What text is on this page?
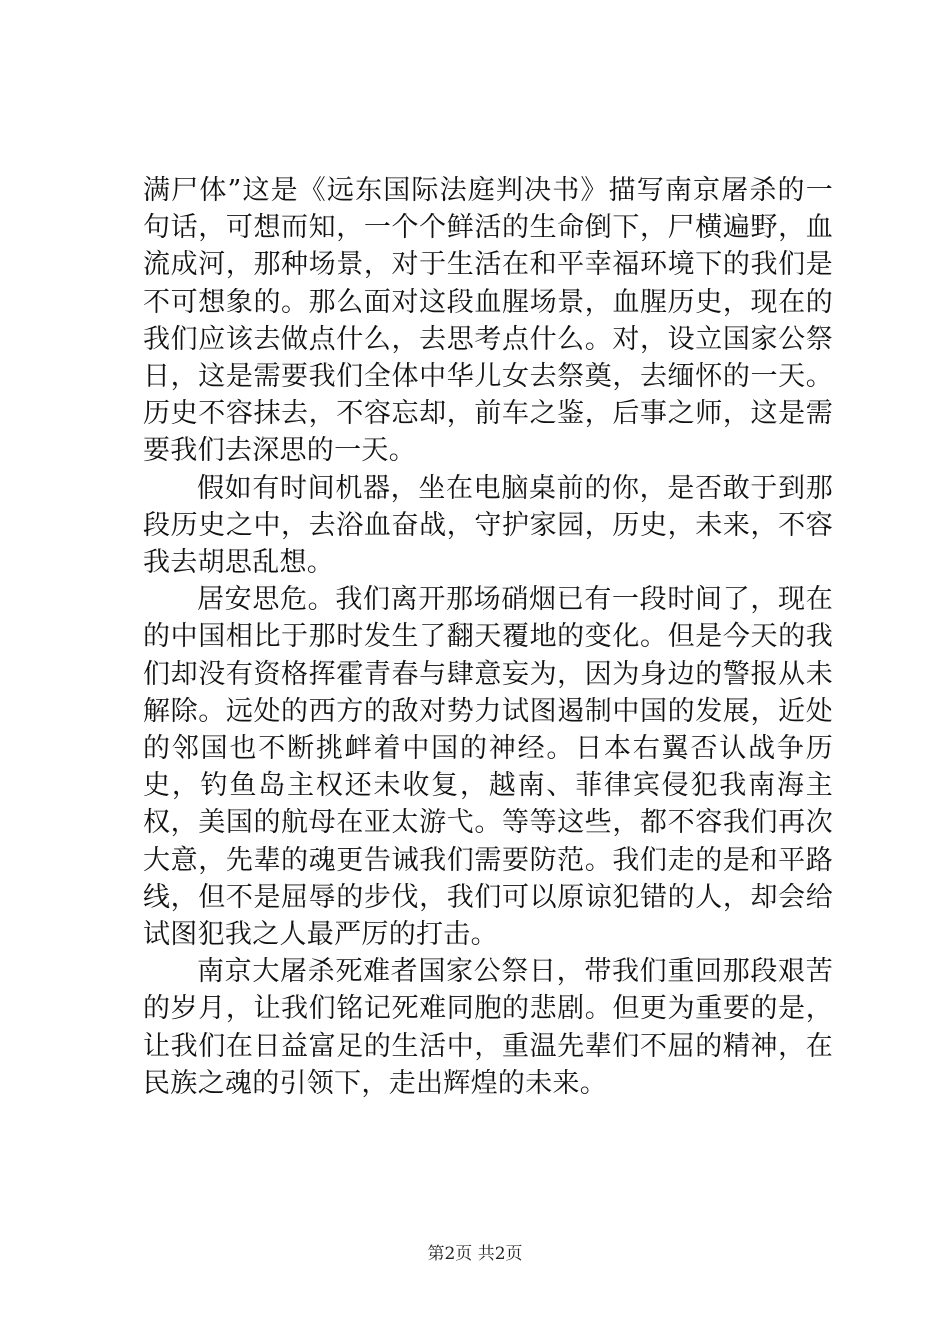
满尸体”这是《远东国际法庭判决书》描写南京屠杀的一句话，可想而知，一个个鲜活的生命倒下，尸横遍野，血流成河，那种场景，对于生活在和平幸福环境下的我们是不可想象的。那么面对这段血腥场景，血腥历史，现在的我们应该去做点什么，去思考点什么。对，设立国家公祭日，这是需要我们全体中华儿女去祭奠，去缅怀的一天。历史不容抹去，不容忘却，前车之鉴，后事之师，这是需要我们去深思的一天。

假如有时间机器，坐在电脑桌前的你，是否敢于到那段历史之中，去浴血奋战，守护家园，历史，未来，不容我去胡思乱想。

居安思危。我们离开那场硝烟已有一段时间了，现在的中国相比于那时发生了翻天覆地的变化。但是今天的我们却没有资格挥霍青春与肆意妄为，因为身边的警报从未解除。远处的西方的敌对势力试图遏制中国的发展，近处的邻国也不断挑衅着中国的神经。日本右翼否认战争历史，钓鱼岛主权还未收复，越南、菲律宾侵犯我南海主权，美国的航母在亚太游弋。等等这些，都不容我们再次大意，先辈的魂更告诫我们需要防范。我们走的是和平路线，但不是屈辱的步伐，我们可以原谅犯错的人，却会给试图犯我之人最严厉的打击。

南京大屠杀死难者国家公祭日，带我们重回那段艰苦的岁月，让我们铭记死难同胞的悲剧。但更为重要的是，让我们在日益富足的生活中，重温先辈们不屈的精神，在民族之魂的引领下，走出辉煌的未来。

第2页 共2页
